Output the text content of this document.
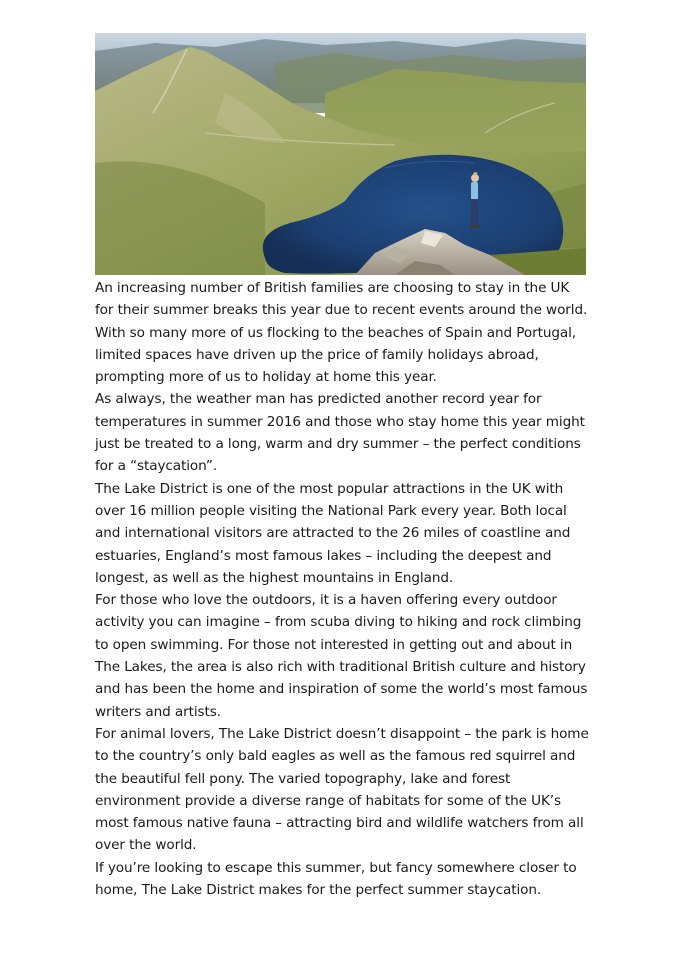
An increasing number of British families are choosing to stay in the UK for their summer breaks this year due to recent events around the world. With so many more of us flocking to the beaches of Spain and Portugal, limited spaces have driven up the price of family holidays abroad, prompting more of us to holiday at home this year.

As always, the weather man has predicted another record year for temperatures in summer 2016 and those who stay home this year might just be treated to a long, warm and dry summer – the perfect conditions for a “staycation”.

The Lake District is one of the most popular attractions in the UK with over 16 million people visiting the National Park every year. Both local and international visitors are attracted to the 26 miles of coastline and estuaries, England’s most famous lakes – including the deepest and longest, as well as the highest mountains in England.

For those who love the outdoors, it is a haven offering every outdoor activity you can imagine – from scuba diving to hiking and rock climbing to open swimming. For those not interested in getting out and about in The Lakes, the area is also rich with traditional British culture and history and has been the home and inspiration of some the world’s most famous writers and artists.

For animal lovers, The Lake District doesn’t disappoint – the park is home to the country’s only bald eagles as well as the famous red squirrel and the beautiful fell pony. The varied topography, lake and forest environment provide a diverse range of habitats for some of the UK’s most famous native fauna – attracting bird and wildlife watchers from all over the world.

If you’re looking to escape this summer, but fancy somewhere closer to home, The Lake District makes for the perfect summer staycation.
